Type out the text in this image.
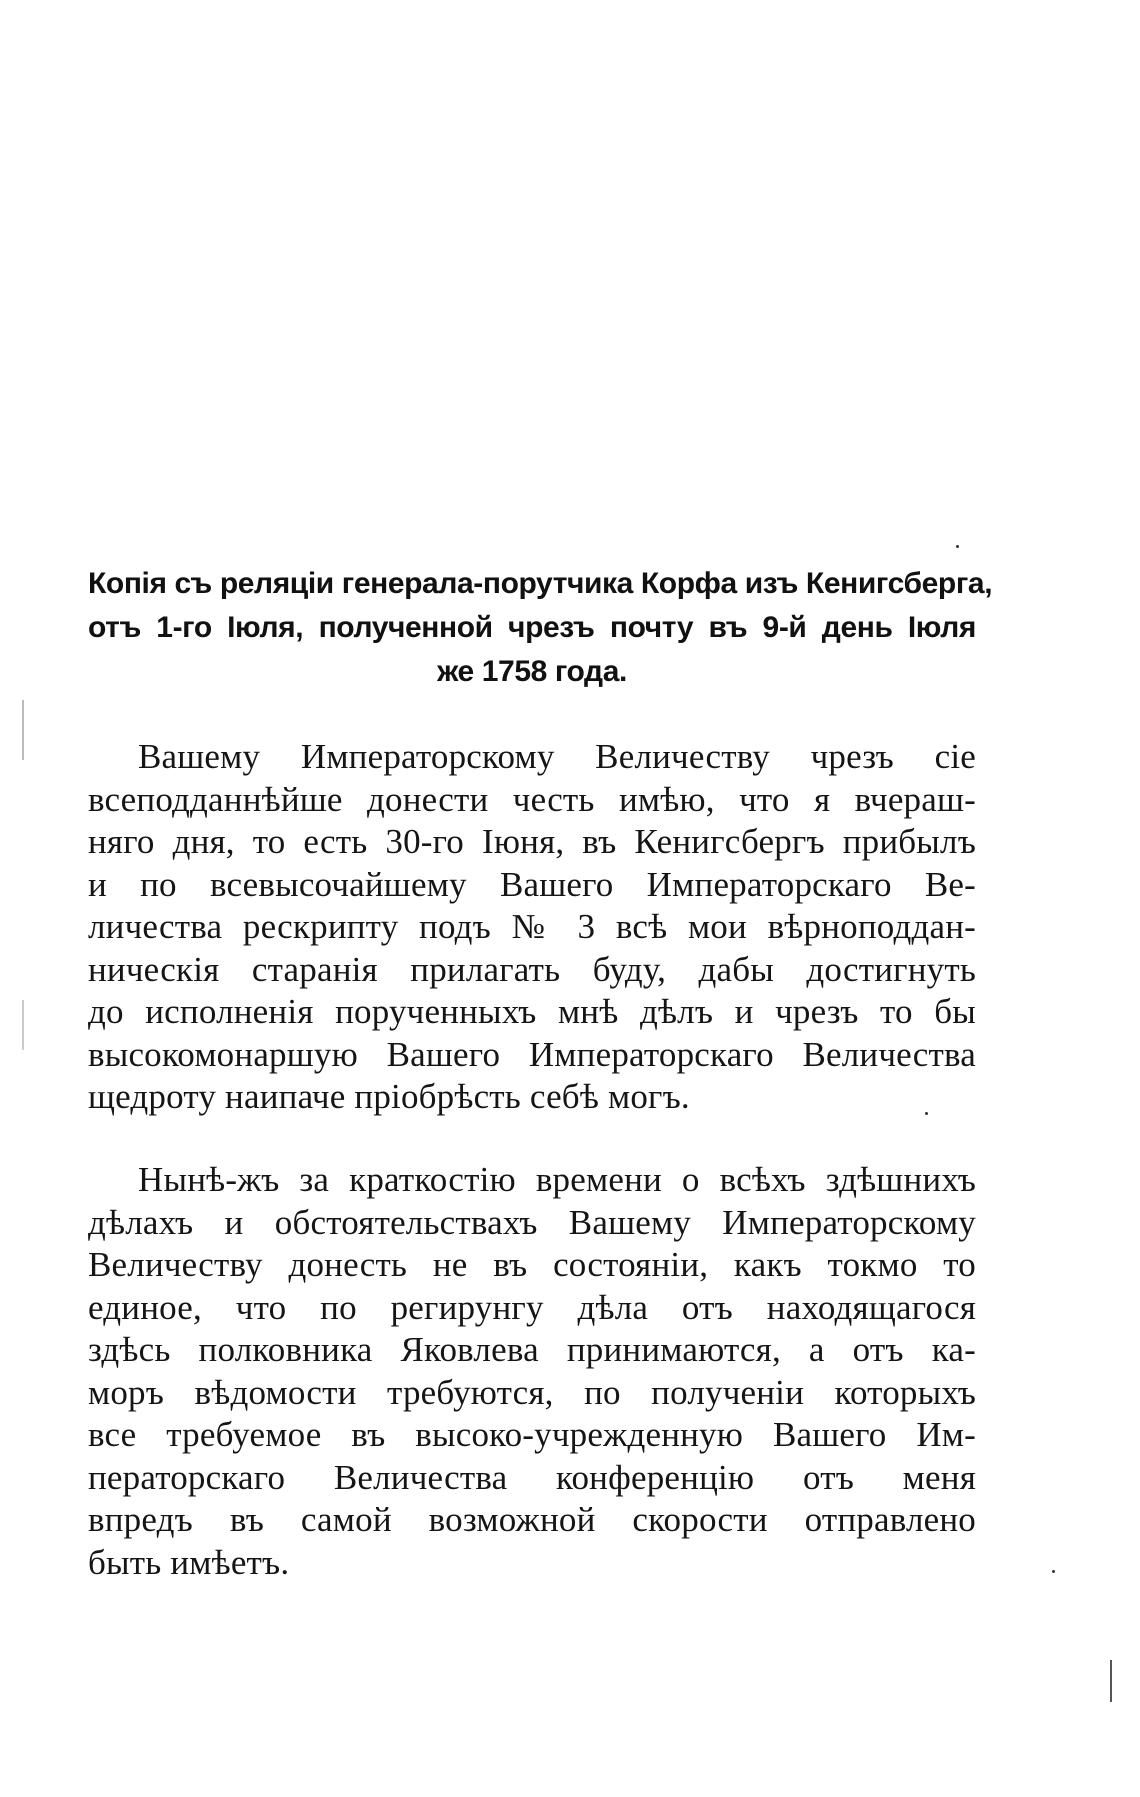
Копія съ реляціи генерала-порутчика Корфа изъ Кенигсберга,
отъ 1-го Іюля, полученной чрезъ почту въ 9-й день Іюля
же 1758 года.
Вашему Императорскому Величеству чрезъ сіе
всеподданнѣйше донести честь имѣю, что я вчераш-
няго дня, то есть 30-го Іюня, въ Кенигсбергъ прибылъ
и по всевысочайшему Вашего Императорскаго Ве-
личества рескрипту подъ № 3 всѣ мои вѣрноподдан-
ническія старанія прилагать буду, дабы достигнуть
до исполненія порученныхъ мнѣ дѣлъ и чрезъ то бы
высокомонаршую Вашего Императорскаго Величества
щедроту наипаче пріобрѣсть себѣ могъ.
Нынѣ-жъ за краткостію времени о всѣхъ здѣшнихъ
дѣлахъ и обстоятельствахъ Вашему Императорскому
Величеству донесть не въ состояніи, какъ токмо то
единое, что по регирунгу дѣла отъ находящагося
здѣсь полковника Яковлева принимаются, а отъ ка-
моръ вѣдомости требуются, по полученіи которыхъ
все требуемое въ высоко-учрежденную Вашего Им-
ператорскаго Величества конференцію отъ меня
впредъ въ самой возможной скорости отправлено
быть имѣетъ.
